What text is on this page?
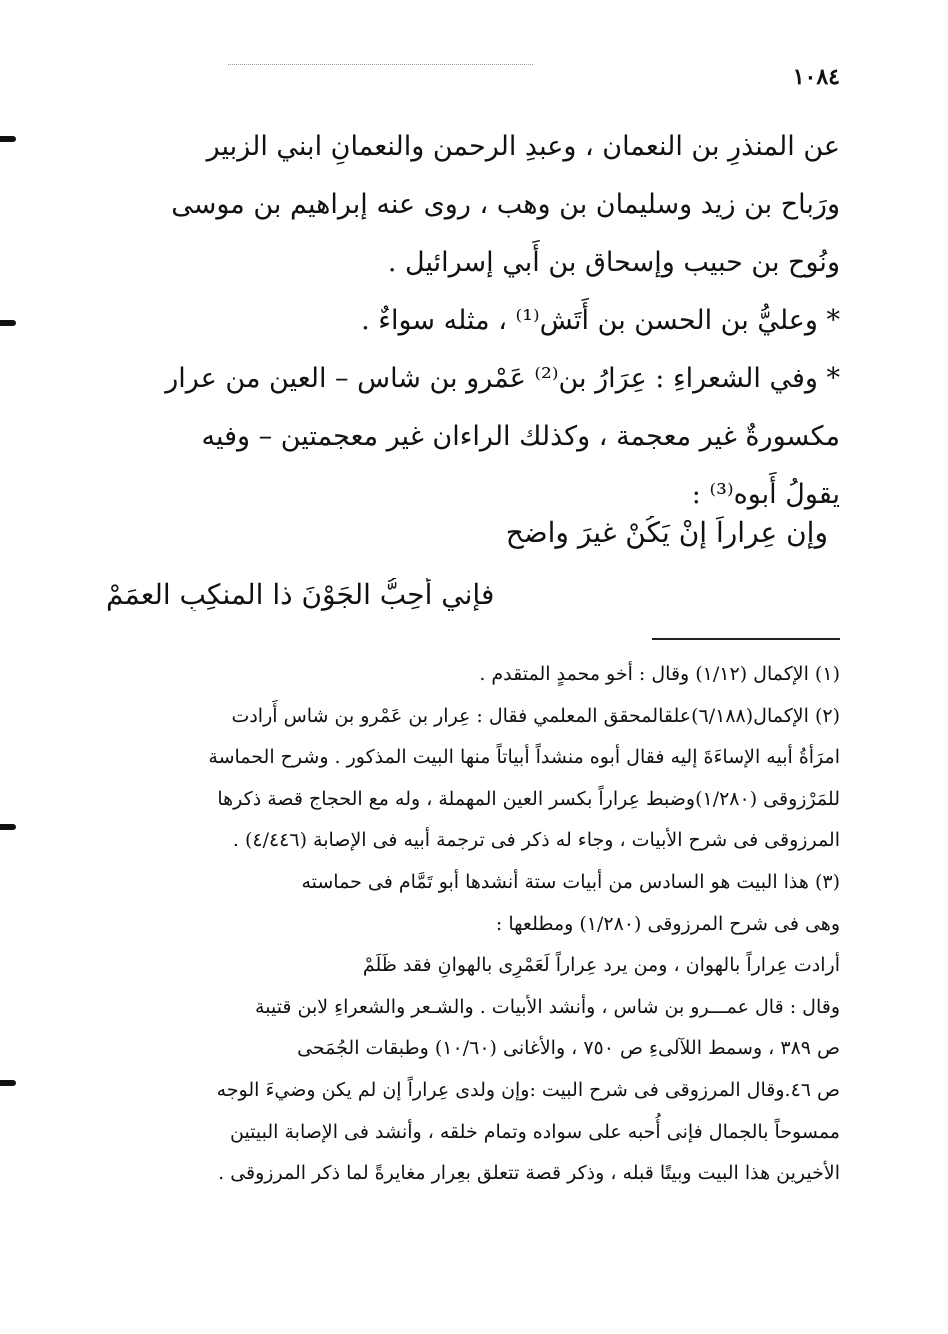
١٠٨٤
عن المنذرِ بن النعمان ، وعبدِ الرحمن والنعمانِ ابني الزبير
ورَباح بن زيد وسليمان بن وهب ، روى عنه إبراهيم بن موسى
ونُوح بن حبيب وإسحاق بن أَبي إسرائيل .
* وعليُّ بن الحسن بن أَتَش⁽¹⁾ ، مثله سواءٌ .
* وفي الشعراءِ : عِرَارُ بن⁽²⁾ عَمْرو بن شاس – العين من عرار
مكسورةٌ غير معجمة ، وكذلك الراءان غير معجمتين – وفيه
يقولُ أَبوه⁽³⁾ :
وإن عِراراً إنْ يَكُنْ غيرَ واضحٍ
فإني أُحِبُّ الجَوْنَ ذا المنكِبِ العمَمْ
(١) الإكمال (١/١٢) وقال : أخو محمدٍ المتقدم .
(٢) الإكمال(٦/١٨٨)علقالمحقق المعلمي فقال : عِرار بن عَمْرو بن شاس أَرادت
امرَأةُ أبيه الإساءَةَ إليه فقال أبوه منشداً أبياتاً منها البيت المذكور . وشرح الحماسة
للمَرْزوقى (١/٢٨٠)وضبط عِراراً بكسر العين المهملة ، وله مع الحجاج قصة ذكرها
المرزوقى فى شرح الأبيات ، وجاء له ذكر فى ترجمة أبيه فى الإصابة (٤/٤٤٦) .
(٣) هذا البيت هو السادس من أبيات ستة أنشدها أبو تَمَّام فى حماسته
وهى فى شرح المرزوقى (١/٢٨٠) ومطلعها :
أرادت عِراراً بالهوان ، ومن يرد عِراراً لَعَمْرِى بالهوانِ فقد ظَلَمْ
وقال : قال عمـــرو بن شاس ، وأنشد الأبيات . والشـعر والشعراءِ لابن قتيبة
ص ٣٨٩ ، وسمط اللآلىءِ ص ٧٥٠ ، والأغانى (١٠/٦٠) وطبقات الجُمَحى
ص ٤٦.وقال المرزوقى فى شرح البيت :وإن ولدى عِراراً إن لم يكن وضيءَ الوجه
ممسوحاً بالجمال فإنى أُحبه على سواده وتمام خلقه ، وأنشد فى الإصابة البيتين
الأخيرين هذا البيت وبيتًا قبله ، وذكر قصة تتعلق بعِرار مغايرةً لما ذكر المرزوقى .
